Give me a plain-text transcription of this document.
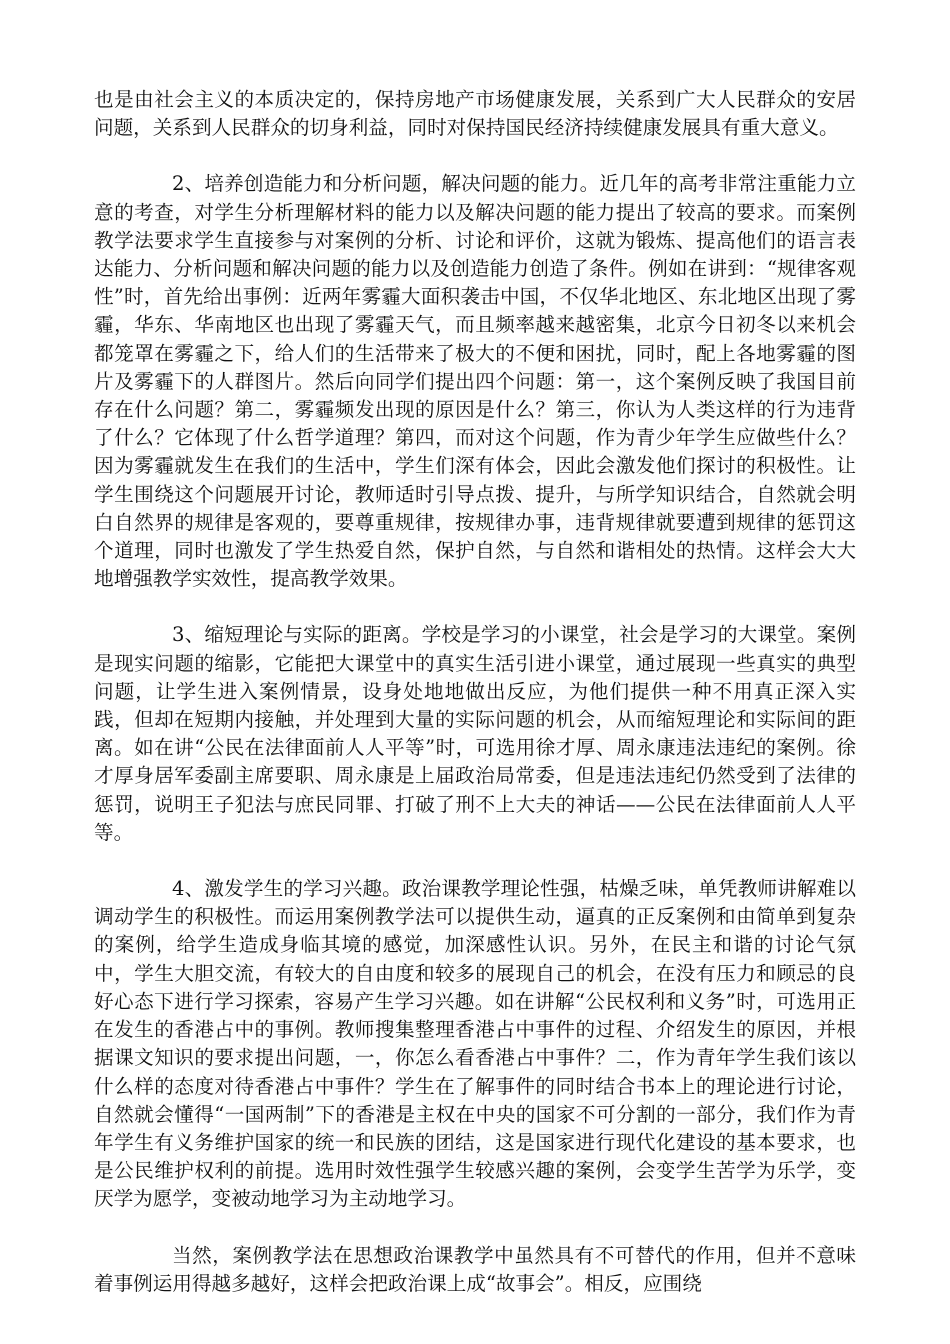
也是由社会主义的本质决定的，保持房地产市场健康发展，关系到广大人民群众的安居问题，关系到人民群众的切身利益，同时对保持国民经济持续健康发展具有重大意义。

2、培养创造能力和分析问题，解决问题的能力。近几年的高考非常注重能力立意的考查，对学生分析理解材料的能力以及解决问题的能力提出了较高的要求。而案例教学法要求学生直接参与对案例的分析、讨论和评价，这就为锻炼、提高他们的语言表达能力、分析问题和解决问题的能力以及创造能力创造了条件。例如在讲到：“规律客观性”时，首先给出事例：近两年雾霾大面积袭击中国，不仅华北地区、东北地区出现了雾霾，华东、华南地区也出现了雾霾天气，而且频率越来越密集，北京今日初冬以来机会都笼罩在雾霾之下，给人们的生活带来了极大的不便和困扰，同时，配上各地雾霾的图片及雾霾下的人群图片。然后向同学们提出四个问题：第一，这个案例反映了我国目前存在什么问题？第二，雾霾频发出现的原因是什么？第三，你认为人类这样的行为违背了什么？它体现了什么哲学道理？第四，而对这个问题，作为青少年学生应做些什么？因为雾霾就发生在我们的生活中，学生们深有体会，因此会激发他们探讨的积极性。让学生围绕这个问题展开讨论，教师适时引导点拨、提升，与所学知识结合，自然就会明白自然界的规律是客观的，要尊重规律，按规律办事，违背规律就要遭到规律的惩罚这个道理，同时也激发了学生热爱自然，保护自然，与自然和谐相处的热情。这样会大大地增强教学实效性，提高教学效果。

3、缩短理论与实际的距离。学校是学习的小课堂，社会是学习的大课堂。案例是现实问题的缩影，它能把大课堂中的真实生活引进小课堂，通过展现一些真实的典型问题，让学生进入案例情景，设身处地地做出反应，为他们提供一种不用真正深入实践，但却在短期内接触，并处理到大量的实际问题的机会，从而缩短理论和实际间的距离。如在讲“公民在法律面前人人平等”时，可选用徐才厚、周永康违法违纪的案例。徐才厚身居军委副主席要职、周永康是上届政治局常委，但是违法违纪仍然受到了法律的惩罚，说明王子犯法与庶民同罪、打破了刑不上大夫的神话——公民在法律面前人人平等。

4、激发学生的学习兴趣。政治课教学理论性强，枯燥乏味，单凭教师讲解难以调动学生的积极性。而运用案例教学法可以提供生动，逼真的正反案例和由简单到复杂的案例，给学生造成身临其境的感觉，加深感性认识。另外，在民主和谐的讨论气氛中，学生大胆交流，有较大的自由度和较多的展现自己的机会，在没有压力和顾忌的良好心态下进行学习探索，容易产生学习兴趣。如在讲解“公民权利和义务”时，可选用正在发生的香港占中的事例。教师搜集整理香港占中事件的过程、介绍发生的原因，并根据课文知识的要求提出问题，一，你怎么看香港占中事件？二，作为青年学生我们该以什么样的态度对待香港占中事件？学生在了解事件的同时结合书本上的理论进行讨论，自然就会懂得“一国两制”下的香港是主权在中央的国家不可分割的一部分，我们作为青年学生有义务维护国家的统一和民族的团结，这是国家进行现代化建设的基本要求，也是公民维护权利的前提。选用时效性强学生较感兴趣的案例，会变学生苦学为乐学，变厌学为愿学，变被动地学习为主动地学习。

当然，案例教学法在思想政治课教学中虽然具有不可替代的作用，但并不意味着事例运用得越多越好，这样会把政治课上成“故事会”。相反，应围绕
